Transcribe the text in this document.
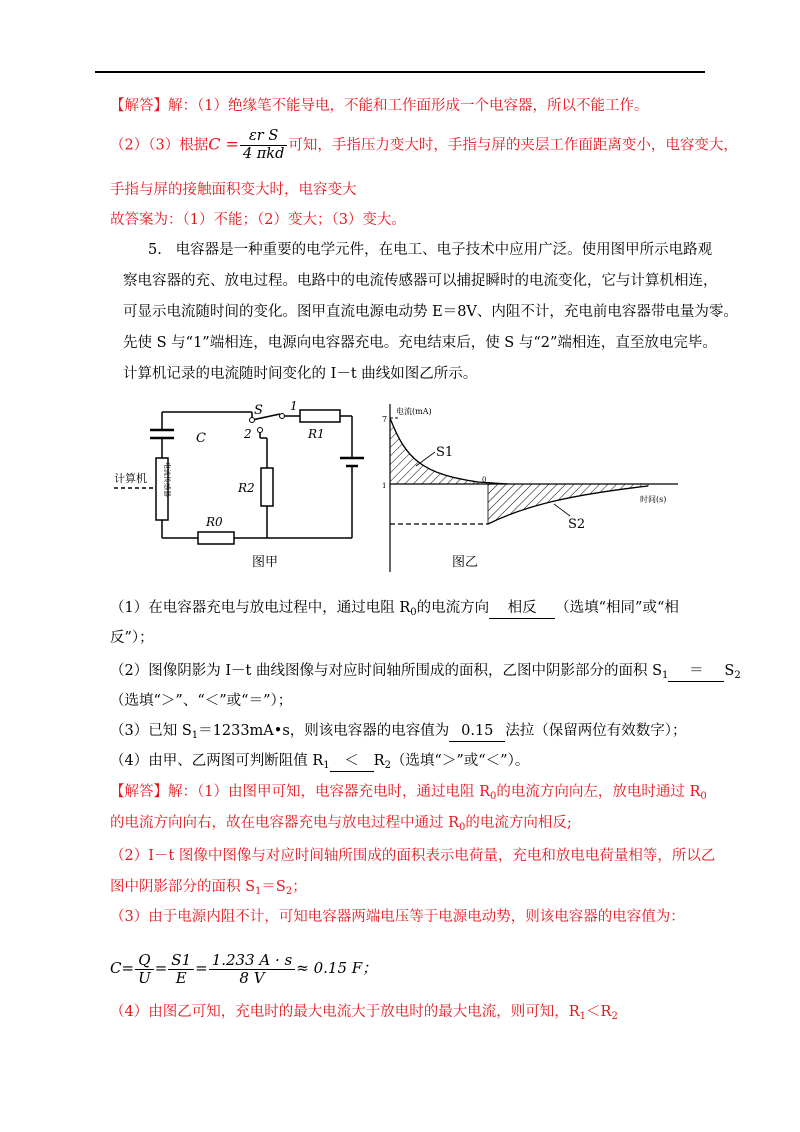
【解答】解：（1）绝缘笔不能导电，不能和工作面形成一个电容器，所以不能工作。
（2）（3）根据$C = \frac{\text{εr S}}{\text{4 πkd}}$ 可知，手指压力变大时，手指与屏的夹层工作面距离变小，电容变大，
手指与屏的接触面积变大时，电容变大
故答案为：（1）不能；（2）变大；（3）变大。
5. 电容器是一种重要的电学元件，在电工、电子技术中应用广泛。使用图甲所示电路观
察电容器的充、放电过程。电路中的电流传感器可以捕捉瞬时的电流变化，它与计算机相连，
可显示电流随时间的变化。图甲直流电源电动势 E＝8V、内阻不计，充电前电容器带电量为零。
先使 S 与“1”端相连，电源向电容器充电。充电结束后，使 S 与“2”端相连，直至放电完毕。
计算机记录的电流随时间变化的 I－t 曲线如图乙所示。
C
S 1
2	R1
R2
R0
计算机 电流传感器
图甲
电流(mA)
7
1
0
S1
S2
时间(s)
图乙
（1）在电容器充电与放电过程中，通过电阻 $R_0$的电流方向 相反 （选填“相同”或“相
反”）；
（2）图像阴影为 I－t 曲线图像与对应时间轴所围成的面积，乙图中阴影部分的面积 $S_1 = S_2$
（选填“＞”、“＜”或“＝”）；
（3）已知 $S_1=1233mA•s$，则该电容器的电容值为 0.15 法拉（保留两位有效数字）；
（4）由甲、乙两图可判断阻值 $R_1 < R_2$（选填“＞”或“＜”）。
【解答】解：（1）由图甲可知，电容器充电时，通过电阻 $R_0$的电流方向向左，放电时通过 $R_0$
的电流方向向右，故在电容器充电与放电过程中通过 $R_0$的电流方向相反;
（2）I－t 图像中图像与对应时间轴所围成的面积表示电荷量，充电和放电电荷量相等，所以乙
图中阴影部分的面积 $S_1=S_2$；
（3）由于电源内阻不计，可知电容器两端电压等于电源电动势，则该电容器的电容值为：
$C= \frac{Q}{U} = \frac{S1}{E} = \frac{1.233 A \cdot s}{8 V} \approx 0.15$ F；
（4）由图乙可知，充电时的最大电流大于放电时的最大电流，则可知，$R_1<R_2$
